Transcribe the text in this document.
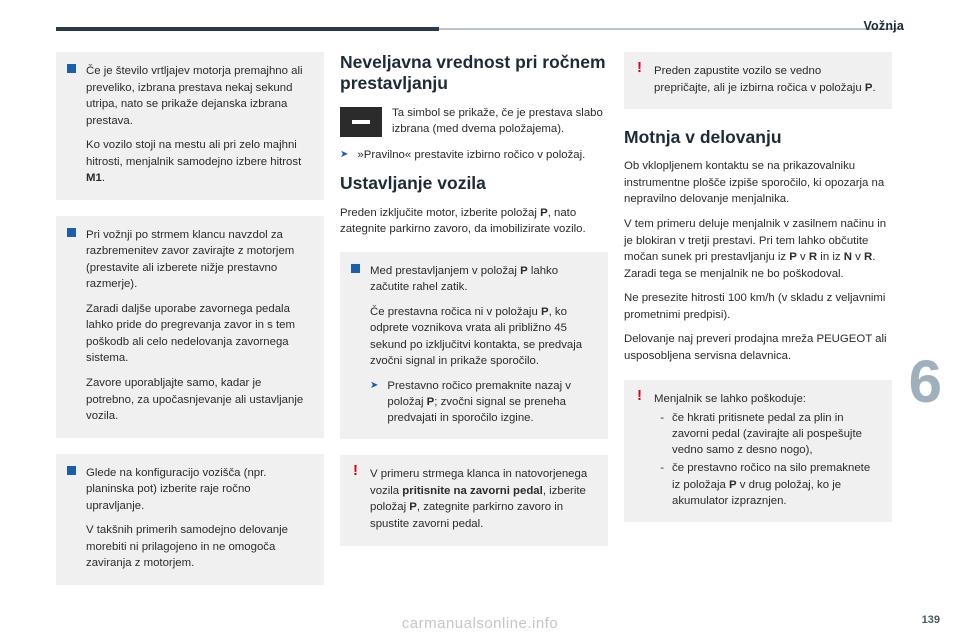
Vožnja

Če je število vrtljajev motorja premajhno ali preveliko, izbrana prestava nekaj sekund utripa, nato se prikaže dejanska izbrana prestava.

Ko vozilo stoji na mestu ali pri zelo majhni hitrosti, menjalnik samodejno izbere hitrost M1.

Pri vožnji po strmem klancu navzdol za razbremenitev zavor zavirajte z motorjem (prestavite ali izberete nižje prestavno razmerje).

Zaradi daljše uporabe zavornega pedala lahko pride do pregrevanja zavor in s tem poškodb ali celo nedelovanja zavornega sistema.

Zavore uporabljajte samo, kadar je potrebno, za upočasnjevanje ali ustavljanje vozila.

Glede na konfiguracijo vozišča (npr. planinska pot) izberite raje ročno upravljanje.

V takšnih primerih samodejno delovanje morebiti ni prilagojeno in ne omogoča zaviranja z motorjem.

Neveljavna vrednost pri ročnem prestavljanju
Ta simbol se prikaže, če je prestava slabo izbrana (med dvema položajema).
➤ »Pravilno« prestavite izbirno ročico v položaj.
Ustavljanje vozila

Preden izključite motor, izberite položaj P, nato zategnite parkirno zavoro, da imobilizirate vozilo.

Med prestavljanjem v položaj P lahko začutite rahel zatik.

Če prestavna ročica ni v položaju P, ko odprete voznikova vrata ali približno 45 sekund po izključitvi kontakta, se predvaja zvočni signal in prikaže sporočilo.

➤ Prestavno ročico premaknite nazaj v položaj P; zvočni signal se preneha predvajati in sporočilo izgine.
!	V primeru strmega klanca in natovorjenega vozila pritisnite na zavorni pedal, izberite položaj P, zategnite parkirno zavoro in spustite zavorni pedal.

!	Preden zapustite vozilo se vedno prepričajte, ali je izbirna ročica v položaju P.

Motnja v delovanju

Ob vklopljenem kontaktu se na prikazovalniku instrumentne plošče izpiše sporočilo, ki opozarja na nepravilno delovanje menjalnika.

V tem primeru deluje menjalnik v zasilnem načinu in je blokiran v tretji prestavi. Pri tem lahko občutite močan sunek pri prestavljanju iz P v R in iz N v R. Zaradi tega se menjalnik ne bo poškodoval.

Ne presezite hitrosti 100 km/h (v skladu z veljavnimi prometnimi predpisi).

Delovanje naj preveri prodajna mreža PEUGEOT ali usposobljena servisna delavnica.

!	Menjalnik se lahko poškoduje:

- če hkrati pritisnete pedal za plin in zavorni pedal (zavirajte ali pospešujte vedno samo z desno nogo),
- če prestavno ročico na silo premaknete iz položaja P v drug položaj, ko je akumulator izpraznjen.
6
139
carmanualsonline.info
